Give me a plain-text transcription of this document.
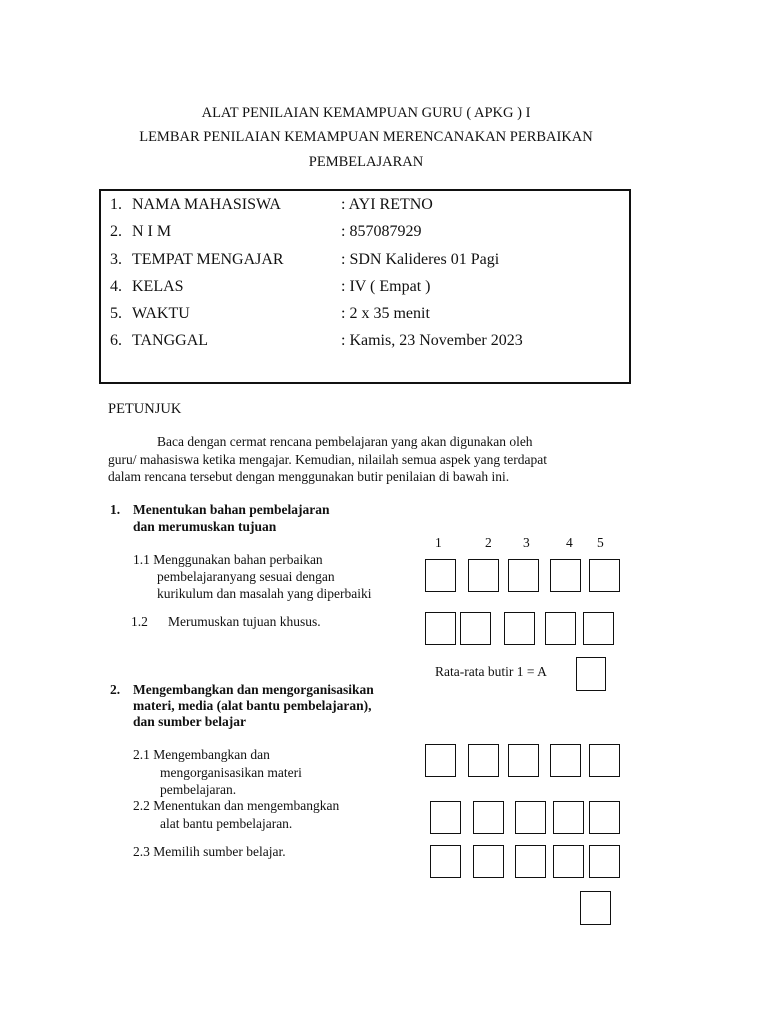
ALAT PENILAIAN KEMAMPUAN GURU ( APKG ) I
LEMBAR PENILAIAN KEMAMPUAN MERENCANAKAN PERBAIKAN
PEMBELAJARAN
1. NAMA MAHASISWA	: AYI RETNO
2. N I M	: 857087929
3. TEMPAT MENGAJAR	: SDN Kalideres 01 Pagi
4. KELAS	: IV ( Empat )
5. WAKTU	: 2 x 35 menit
6. TANGGAL	: Kamis, 23 November 2023
PETUNJUK
Baca dengan cermat rencana pembelajaran yang akan digunakan oleh
guru/ mahasiswa ketika mengajar. Kemudian, nilailah semua aspek yang terdapat
dalam rencana tersebut dengan menggunakan butir penilaian di bawah ini.
1. Menentukan bahan pembelajaran
dan merumuskan tujuan
1	2 3	4 5
1.1 Menggunakan bahan perbaikan
pembelajaranyang sesuai dengan
kurikulum dan masalah yang diperbaiki
1.2 Merumuskan tujuan khusus.
Rata-rata butir 1 = A
2. Mengembangkan dan mengorganisasikan
materi, media (alat bantu pembelajaran),
dan sumber belajar
2.1 Mengembangkan dan
mengorganisasikan materi
pembelajaran.
2.2 Menentukan dan mengembangkan
alat bantu pembelajaran.
2.3 Memilih sumber belajar.
